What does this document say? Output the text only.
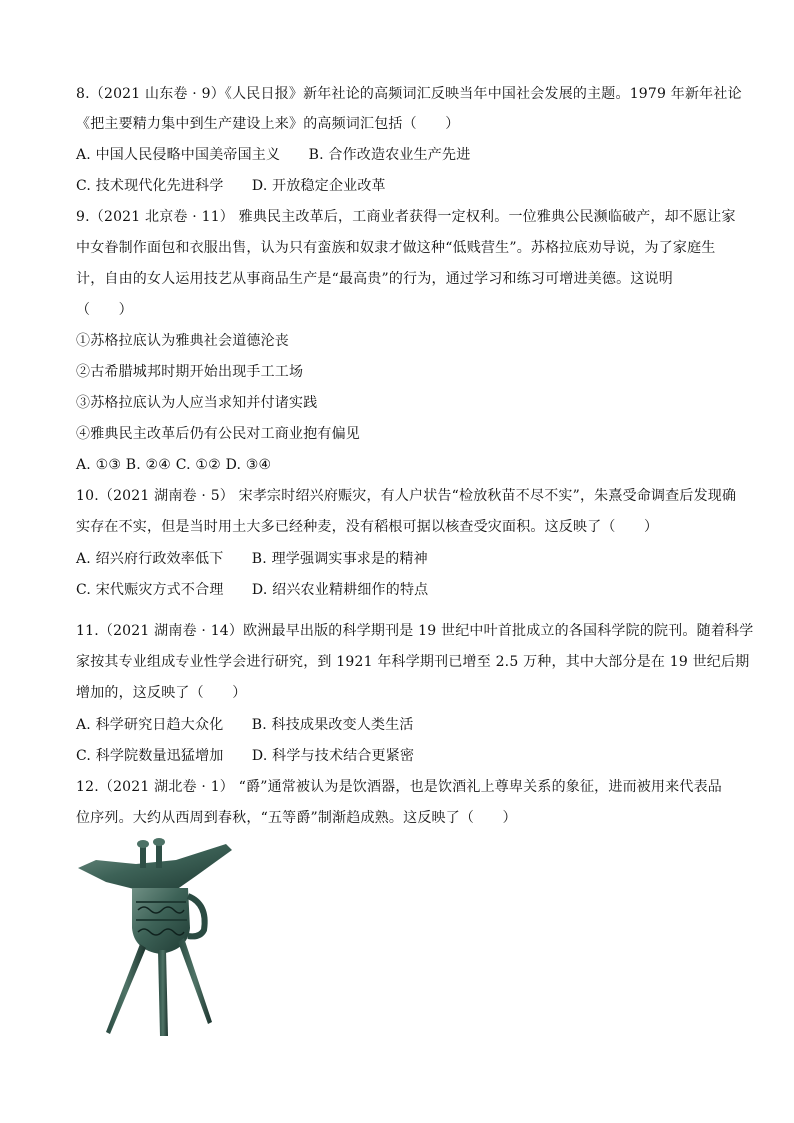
8.（2021 山东卷 · 9）《人民日报》新年社论的高频词汇反映当年中国社会发展的主题。1979 年新年社论
《把主要精力集中到生产建设上来》的高频词汇包括（　　）
A. 中国人民侵略中国美帝国主义　　B. 合作改造农业生产先进
C. 技术现代化先进科学　　D. 开放稳定企业改革
9.（2021 北京卷 · 11） 雅典民主改革后，工商业者获得一定权利。一位雅典公民濒临破产，却不愿让家
中女眷制作面包和衣服出售，认为只有蛮族和奴隶才做这种“低贱营生”。苏格拉底劝导说，为了家庭生
计，自由的女人运用技艺从事商品生产是“最高贵”的行为，通过学习和练习可增进美德。这说明
（　　）
①苏格拉底认为雅典社会道德沦丧
②古希腊城邦时期开始出现手工工场
③苏格拉底认为人应当求知并付诸实践
④雅典民主改革后仍有公民对工商业抱有偏见
A. ①③ B. ②④ C. ①② D. ③④
10.（2021 湖南卷 · 5） 宋孝宗时绍兴府赈灾，有人户状告“检放秋苗不尽不实”，朱熹受命调查后发现确
实存在不实，但是当时用土大多已经种麦，没有稻根可据以核查受灾面积。这反映了（　　）
A. 绍兴府行政效率低下　　B. 理学强调实事求是的精神
C. 宋代赈灾方式不合理　　D. 绍兴农业精耕细作的特点
11.（2021 湖南卷 · 14）欧洲最早出版的科学期刊是 19 世纪中叶首批成立的各国科学院的院刊。随着科学
家按其专业组成专业性学会进行研究，到 1921 年科学期刊已增至 2.5 万种，其中大部分是在 19 世纪后期
增加的，这反映了（　　）
A. 科学研究日趋大众化　　B. 科技成果改变人类生活
C. 科学院数量迅猛增加　　D. 科学与技术结合更紧密
12.（2021 湖北卷 · 1） “爵”通常被认为是饮酒器，也是饮酒礼上尊卑关系的象征，进而被用来代表品
位序列。大约从西周到春秋，“五等爵”制渐趋成熟。这反映了（　　）
